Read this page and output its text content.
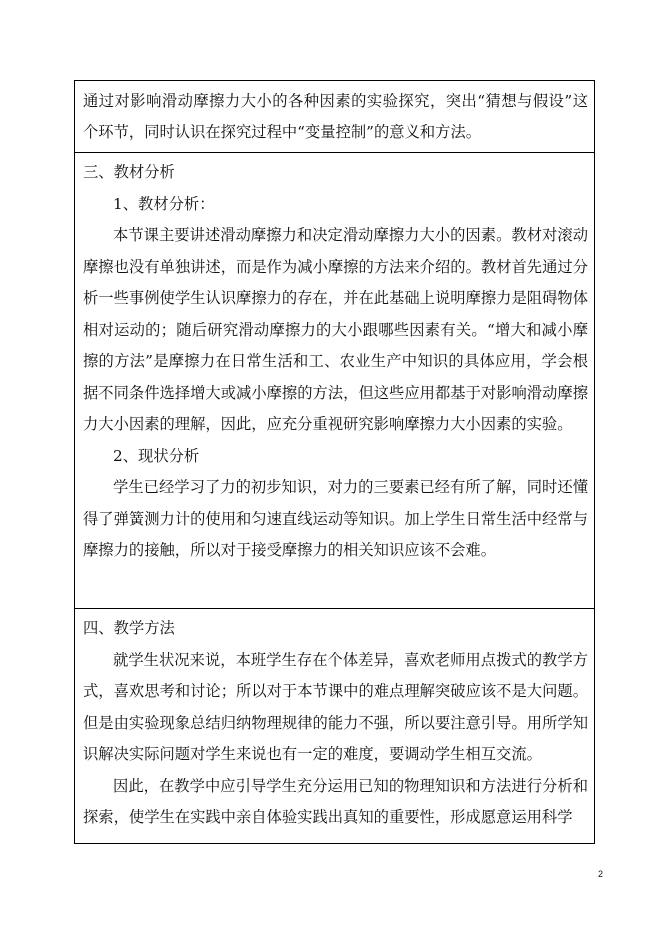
通过对影响滑动摩擦力大小的各种因素的实验探究，突出“猜想与假设”这个环节，同时认识在探究过程中“变量控制”的意义和方法。

三、教材分析

1、教材分析：

本节课主要讲述滑动摩擦力和决定滑动摩擦力大小的因素。教材对滚动摩擦也没有单独讲述，而是作为减小摩擦的方法来介绍的。教材首先通过分析一些事例使学生认识摩擦力的存在，并在此基础上说明摩擦力是阻碍物体相对运动的；随后研究滑动摩擦力的大小跟哪些因素有关。“增大和减小摩擦的方法”是摩擦力在日常生活和工、农业生产中知识的具体应用，学会根据不同条件选择增大或减小摩擦的方法，但这些应用都基于对影响滑动摩擦力大小因素的理解，因此，应充分重视研究影响摩擦力大小因素的实验。

2、现状分析

学生已经学习了力的初步知识，对力的三要素已经有所了解，同时还懂得了弹簧测力计的使用和匀速直线运动等知识。加上学生日常生活中经常与摩擦力的接触，所以对于接受摩擦力的相关知识应该不会难。

四、教学方法

就学生状况来说，本班学生存在个体差异，喜欢老师用点拨式的教学方式，喜欢思考和讨论；所以对于本节课中的难点理解突破应该不是大问题。但是由实验现象总结归纳物理规律的能力不强，所以要注意引导。用所学知识解决实际问题对学生来说也有一定的难度，要调动学生相互交流。

因此，在教学中应引导学生充分运用已知的物理知识和方法进行分析和探索，使学生在实践中亲自体验实践出真知的重要性，形成愿意运用科学

2
